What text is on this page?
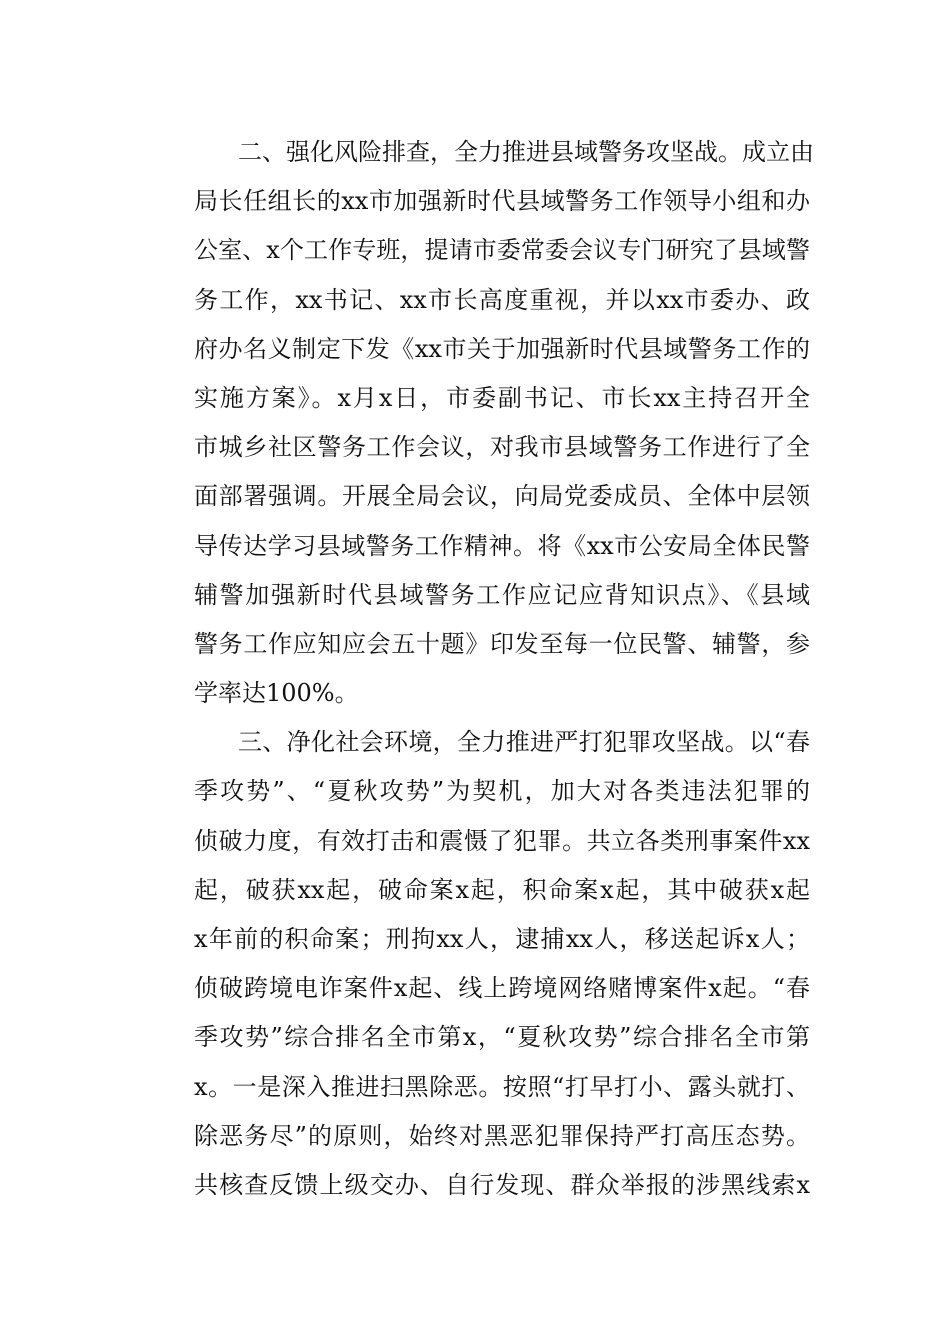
二、强化风险排查，全力推进县域警务攻坚战。成立由
局长任组长的xx市加强新时代县域警务工作领导小组和办
公室、x个工作专班，提请市委常委会议专门研究了县域警
务工作，xx书记、xx市长高度重视，并以xx市委办、政
府办名义制定下发《xx市关于加强新时代县域警务工作的
实施方案》。x月x日，市委副书记、市长xx主持召开全
市城乡社区警务工作会议，对我市县域警务工作进行了全
面部署强调。开展全局会议，向局党委成员、全体中层领
导传达学习县域警务工作精神。将《xx市公安局全体民警
辅警加强新时代县域警务工作应记应背知识点》、《县域
警务工作应知应会五十题》印发至每一位民警、辅警，参
学率达100%。
三、净化社会环境，全力推进严打犯罪攻坚战。以“春
季攻势”、“夏秋攻势”为契机，加大对各类违法犯罪的
侦破力度，有效打击和震慑了犯罪。共立各类刑事案件xx
起，破获xx起，破命案x起，积命案x起，其中破获x起
x年前的积命案；刑拘xx人，逮捕xx人，移送起诉x人；
侦破跨境电诈案件x起、线上跨境网络赌博案件x起。“春
季攻势”综合排名全市第x，“夏秋攻势”综合排名全市第
x。一是深入推进扫黑除恶。按照“打早打小、露头就打、
除恶务尽”的原则，始终对黑恶犯罪保持严打高压态势。
共核查反馈上级交办、自行发现、群众举报的涉黑线索x
